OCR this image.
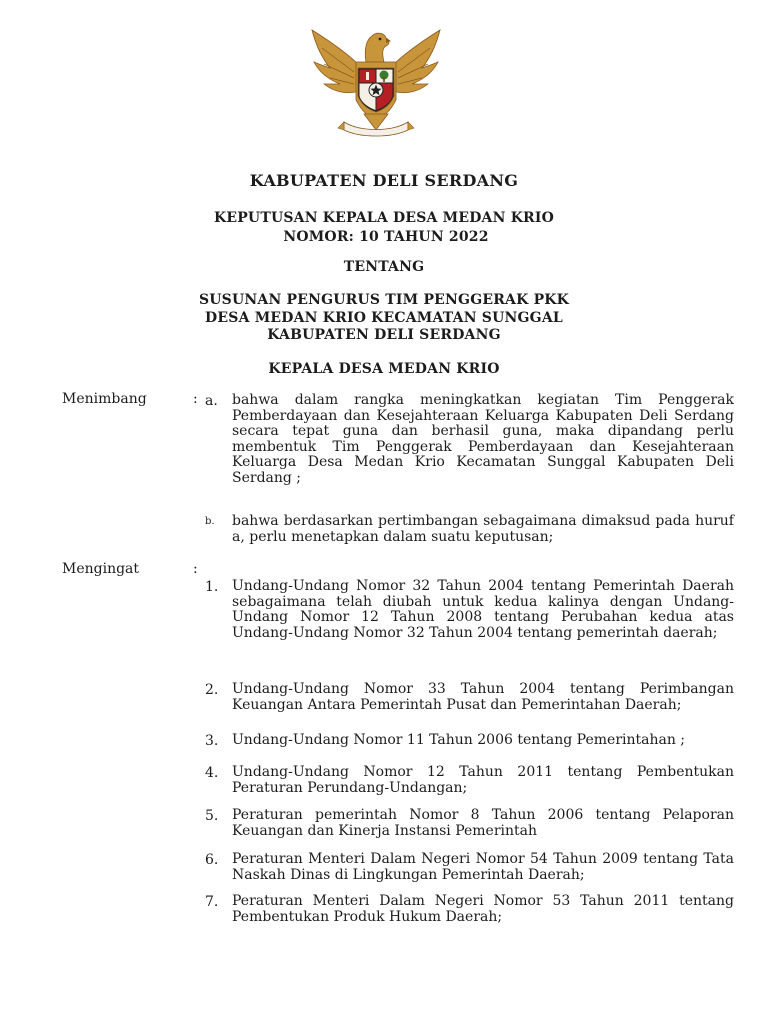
KABUPATEN DELI SERDANG
KEPUTUSAN KEPALA DESA MEDAN KRIO
NOMOR: 10 TAHUN 2022
TENTANG
SUSUNAN PENGURUS TIM PENGGERAK PKK
DESA MEDAN KRIO KECAMATAN SUNGGAL
KABUPATEN DELI SERDANG
KEPALA DESA MEDAN KRIO
Menimbang	: a. bahwa dalam rangka meningkatkan kegiatan Tim Penggerak Pemberdayaan dan Kesejahteraan Keluarga Kabupaten Deli Serdang secara tepat guna dan berhasil guna, maka dipandang perlu membentuk Tim Penggerak Pemberdayaan dan Kesejahteraan Keluarga Desa Medan Krio Kecamatan Sunggal Kabupaten Deli Serdang ;
b. bahwa berdasarkan pertimbangan sebagaimana dimaksud pada huruf a, perlu menetapkan dalam suatu keputusan;
Mengingat	:
1. Undang-Undang Nomor 32 Tahun 2004 tentang Pemerintah Daerah sebagaimana telah diubah untuk kedua kalinya dengan Undang-Undang Nomor 12 Tahun 2008 tentang Perubahan kedua atas Undang-Undang Nomor 32 Tahun 2004 tentang pemerintah daerah;
2. Undang-Undang Nomor 33 Tahun 2004 tentang Perimbangan Keuangan Antara Pemerintah Pusat dan Pemerintahan Daerah;
3. Undang-Undang Nomor 11 Tahun 2006 tentang Pemerintahan ;
4. Undang-Undang Nomor 12 Tahun 2011 tentang Pembentukan Peraturan Perundang-Undangan;
5. Peraturan pemerintah Nomor 8 Tahun 2006 tentang Pelaporan Keuangan dan Kinerja Instansi Pemerintah
6. Peraturan Menteri Dalam Negeri Nomor 54 Tahun 2009 tentang Tata Naskah Dinas di Lingkungan Pemerintah Daerah;
7. Peraturan Menteri Dalam Negeri Nomor 53 Tahun 2011 tentang Pembentukan Produk Hukum Daerah;
